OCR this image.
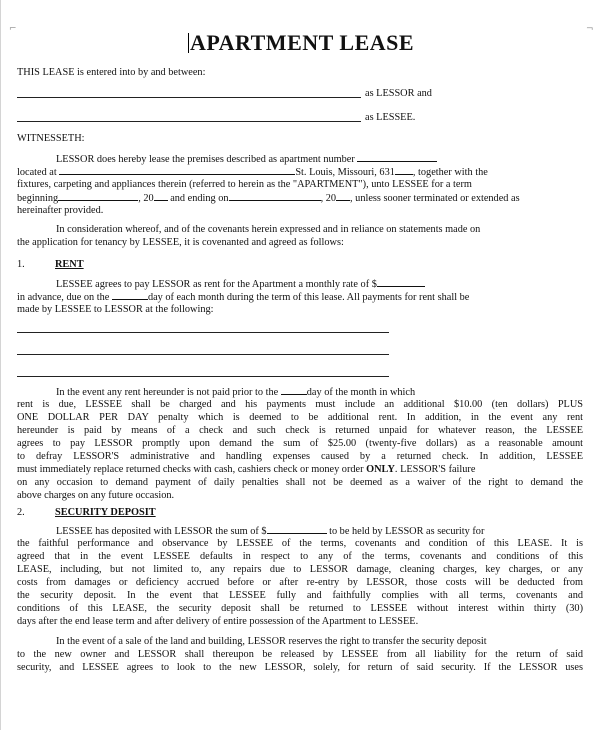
⌐	¬
APARTMENT LEASE
THIS LEASE is entered into by and between:
as LESSOR and
as LESSEE.
WITNESSETH:
LESSOR does hereby lease the premises described as apartment number
located at	St. Louis, Missouri, 631 , together with the
fixtures, carpeting and appliances therein (referred to herein as the "APARTMENT"), unto LESSEE for a term
beginning	, 20 and ending on	, 20 , unless sooner terminated or extended as
hereinafter provided.
In consideration whereof, and of the covenants herein expressed and in reliance on statements made on
the application for tenancy by LESSEE, it is covenanted and agreed as follows:
1.	RENT
LESSEE agrees to pay LESSOR as rent for the Apartment a monthly rate of $
in advance, due on the	day of each month during the term of this lease. All payments for rent shall be
made by LESSEE to LESSOR at the following:
In the event any rent hereunder is not paid prior to the	day of the month in which
rent is due, LESSEE shall be charged and his payments must include an additional $10.00 (ten dollars) PLUS
ONE DOLLAR PER DAY penalty which is deemed to be additional rent. In addition, in the event any rent
hereunder is paid by means of a check and such check is returned unpaid for whatever reason, the LESSEE
agrees to pay LESSOR promptly upon demand the sum of $25.00 (twenty-five dollars) as a reasonable amount
to defray LESSOR'S administrative and handling expenses caused by a returned check. In addition, LESSEE
must immediately replace returned checks with cash, cashiers check or money order ONLY. LESSOR'S failure
on any occasion to demand payment of daily penalties shall not be deemed as a waiver of the right to demand the
above charges on any future occasion.
2.	SECURITY DEPOSIT
LESSEE has deposited with LESSOR the sum of $	to be held by LESSOR as security for
the faithful performance and observance by LESSEE of the terms, covenants and condition of this LEASE. It is
agreed that in the event LESSEE defaults in respect to any of the terms, covenants and conditions of this
LEASE, including, but not limited to, any repairs due to LESSOR damage, cleaning charges, key charges, or any
costs from damages or deficiency accrued before or after re-entry by LESSOR, those costs will be deducted from
the security deposit. In the event that LESSEE fully and faithfully complies with all terms, covenants and
conditions of this LEASE, the security deposit shall be returned to LESSEE without interest within thirty (30)
days after the end lease term and after delivery of entire possession of the Apartment to LESSEE.
In the event of a sale of the land and building, LESSOR reserves the right to transfer the security deposit
to the new owner and LESSOR shall thereupon be released by LESSEE from all liability for the return of said
security, and LESSEE agrees to look to the new LESSOR, solely, for return of said security. If the LESSOR uses
